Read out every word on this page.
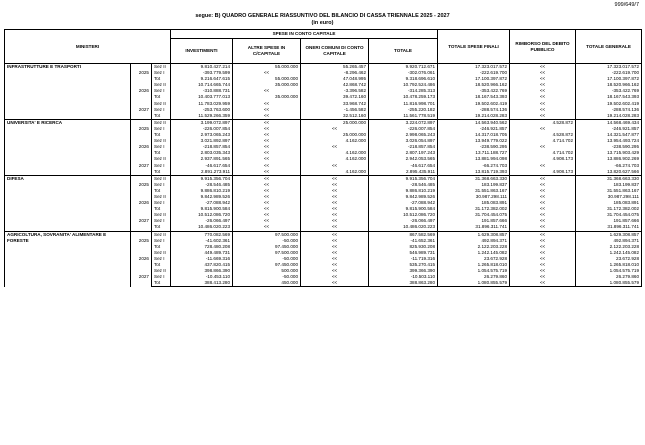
999/649/7
segue: B) QUADRO GENERALE RIASSUNTIVO DEL BILANCIO DI CASSA TRIENNALE 2025 - 2027
(in euro)
MINISTERI			SPESE IN CONTO CAPITALE				TOTALE SPESE FINALI	RIMBORSO DEL DEBITO PUBBLICO	TOTALE GENERALE
			INVESTIMENTI	ALTRE SPESE IN C/CAPITALE	ONERI COMUNI DI CONTO CAPITALE	TOTALE			
INFRASTRUTTURE E TRASPORTI	2025	Sez II	9.810.427.214	55.000.000	55.265.457	9.920.712.671	17.323.017.572	<<	17.323.017.572
		Sez I	-393.779.599	<<	-8.296.462	-302.076.061	-222.619.700	<<	-222.619.700
		Tot	9.216.647.615	55.000.000	47.048.995	9.318.696.610	17.100.397.872	<<	17.100.397.872
	2026	Sez II	10.714.665.744	35.000.000	42.868.742	10.792.524.486	18.520.966.162	<<	18.520.966.162
		Sez I	-310.888.731	<<	-3.396.582	-314.285.313	-353.422.769	<<	-353.422.769
		Tot	10.403.777.013	35.000.000	39.472.160	10.478.259.173	18.167.543.393	<<	18.167.543.393
	2027	Sez II	11.783.029.959	<<	33.968.742	11.816.998.701	19.502.602.419	<<	19.502.602.419
		Sez I	-253.763.600	<<	-1.456.582	-255.220.182	-288.574.136	<<	-288.574.136
		Tot	11.529.266.359	<<	32.512.160	11.561.778.519	19.214.028.283	<<	19.214.028.283
UNIVERSITA' E RICERCA	2025	Sez II	3.199.072.897	<<	25.000.000	3.224.072.897	14.563.940.562	4.528.872	14.568.469.434
		Sez I	-226.007.854	<<	<<	-226.007.854	-246.921.857	<<	-246.921.857
		Tot	2.973.065.243	<<	25.000.000	2.998.065.243	14.317.018.705	4.528.872	14.321.547.877
	2026	Sez II	3.021.892.897	<<	4.162.000	3.026.054.897	13.949.779.022	4.714.702	13.954.493.724
		Sez I	-218.857.854	<<	<<	-218.857.854	-238.590.295	<<	-238.590.295
		Tot	2.803.035.343	<<	4.162.000	2.807.197.243	13.711.188.727	4.714.702	13.715.903.429
	2027	Sez II	2.937.891.565	<<	4.162.000	2.942.053.565	13.881.994.098	4.908.173	13.886.902.269
		Sez I	-46.617.654	<<	<<	-46.617.654	-66.274.703	<<	-66.274.703
		Tot	2.891.273.911	<<	4.162.000	2.895.435.911	13.815.719.393	4.908.173	13.820.627.566
DIFESA	2025	Sez II	9.915.356.704	<<	<<	9.915.356.704	31.368.663.330	<<	31.368.663.330
		Sez I	-28.546.485	<<	<<	-28.546.485	183.199.837	<<	183.199.837
		Tot	9.886.810.219	<<	<<	9.886.810.219	31.551.863.167	<<	31.551.863.167
	2026	Sez II	9.842.989.526	<<	<<	9.842.989.526	30.987.298.111	<<	30.987.298.111
		Sez I	-27.088.942	<<	<<	-27.088.942	185.083.891	<<	185.083.891
		Tot	9.815.900.584	<<	<<	9.815.900.584	31.172.382.002	<<	31.172.382.002
	2027	Sez II	10.512.086.720	<<	<<	10.512.086.720	31.704.454.075	<<	31.704.454.075
		Sez I	-26.066.497	<<	<<	-26.066.497	191.857.666	<<	191.857.666
		Tot	10.486.020.223	<<	<<	10.486.020.223	31.896.311.741	<<	31.896.311.741
AGRICOLTURA, SOVRANITA' ALIMENTARE E FORESTE	2025	Sez II	770.082.569	97.500.000	<<	867.582.569	1.629.308.857	<<	1.629.308.857
		Sez I	-41.602.361	-50.000	<<	-41.652.361	492.894.371	<<	492.894.371
		Tot	728.480.208	97.450.000	<<	825.930.208	2.122.203.228	<<	2.122.203.228
	2026	Sez II	449.489.731	97.500.000	<<	546.989.731	1.242.145.082	<<	1.242.145.082
		Sez I	-11.669.316	-50.000	<<	-11.719.316	23.672.928	<<	23.672.928
		Tot	437.820.415	97.450.000	<<	535.270.415	1.265.818.010	<<	1.265.818.010
	2027	Sez II	398.866.390	500.000	<<	399.366.390	1.054.575.719	<<	1.054.575.719
		Sez I	-10.453.110	-50.000	<<	-10.503.110	26.279.860	<<	26.279.860
		Tot	388.413.280	450.000	<<	388.863.280	1.080.855.579	<<	1.080.855.579
